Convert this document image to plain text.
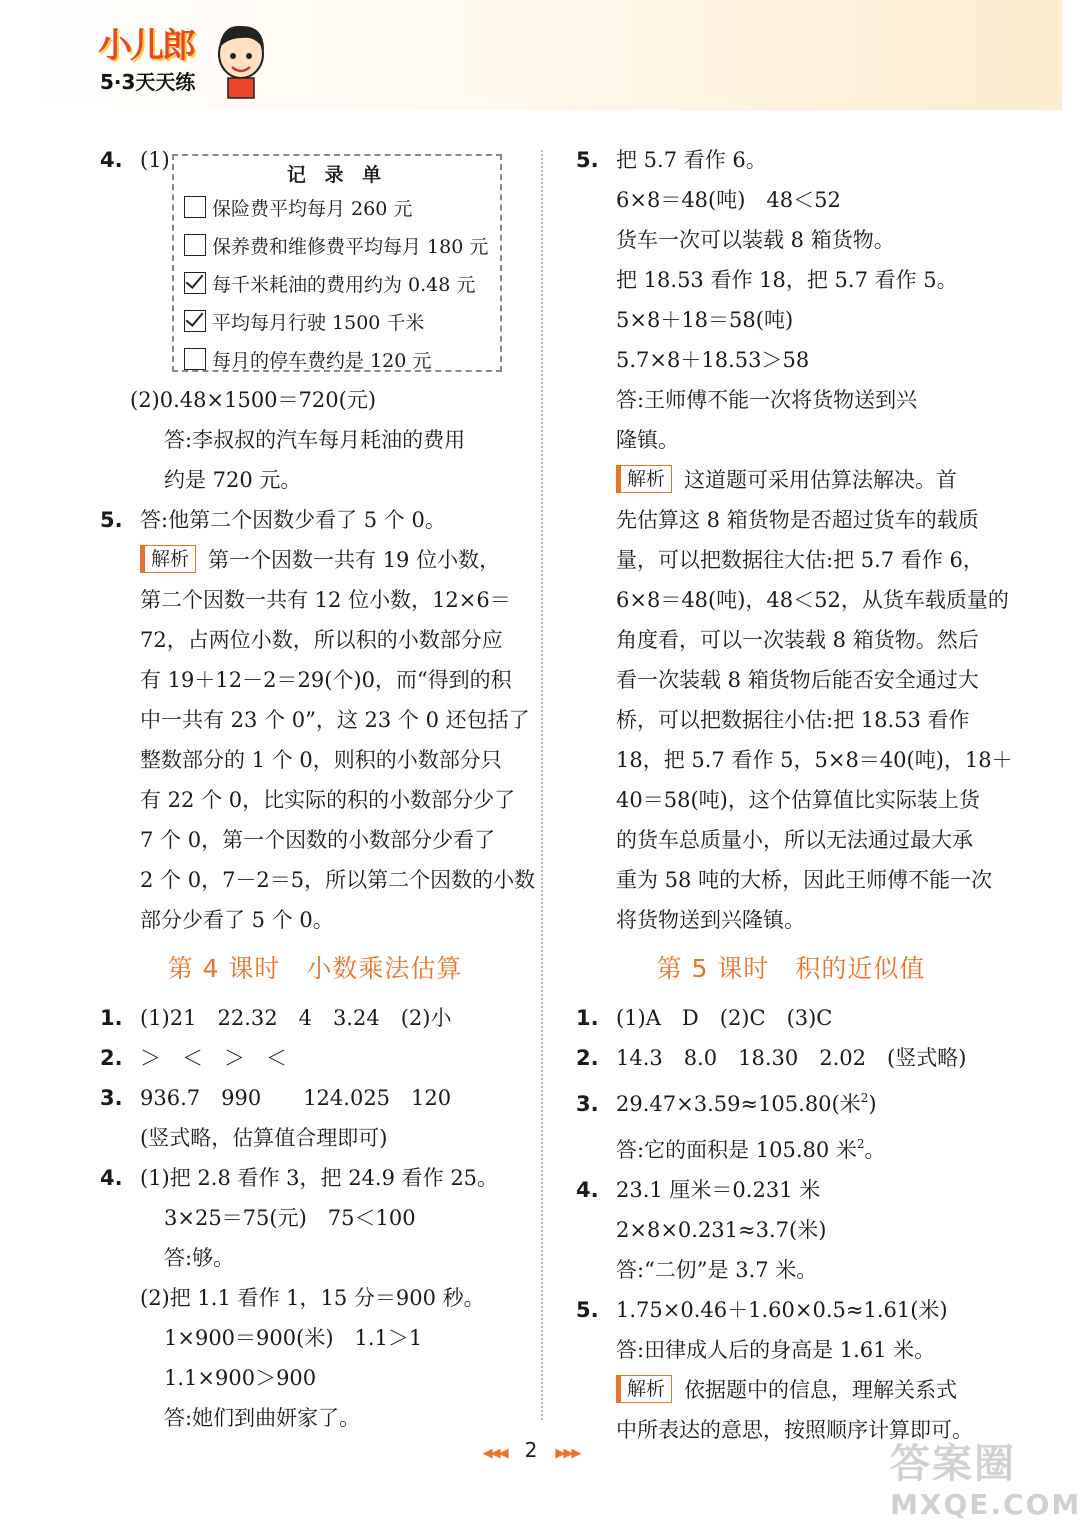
小儿郎
5·3天天练
4. (1)
记 录 单
保险费平均每月 260 元
保养费和维修费平均每月 180 元
每千米耗油的费用约为 0.48 元
平均每月行驶 1500 千米
每月的停车费约是 120 元
(2)0.48×1500＝720(元)
答:李叔叔的汽车每月耗油的费用
约是 720 元。
5. 答:他第二个因数少看了 5 个 0。
解析 第一个因数一共有 19 位小数，
第二个因数一共有 12 位小数，12×6＝
72，占两位小数，所以积的小数部分应
有 19＋12－2＝29(个)0，而“得到的积
中一共有 23 个 0”，这 23 个 0 还包括了
整数部分的 1 个 0，则积的小数部分只
有 22 个 0，比实际的积的小数部分少了
7 个 0，第一个因数的小数部分少看了
2 个 0，7－2＝5，所以第二个因数的小数
部分少看了 5 个 0。
第 4 课时　小数乘法估算
1. (1)21　22.32　4　3.24　(2)小
2. ＞　＜　＞　＜
3. 936.7　990　　124.025　120
(竖式略，估算值合理即可)
4. (1)把 2.8 看作 3，把 24.9 看作 25。
3×25＝75(元)　75＜100
答:够。
(2)把 1.1 看作 1，15 分＝900 秒。
1×900＝900(米)　1.1＞1
1.1×900＞900
答:她们到曲妍家了。
5. 把 5.7 看作 6。
6×8＝48(吨)　48＜52
货车一次可以装载 8 箱货物。
把 18.53 看作 18，把 5.7 看作 5。
5×8＋18＝58(吨)
5.7×8＋18.53＞58
答:王师傅不能一次将货物送到兴
隆镇。
解析 这道题可采用估算法解决。首
先估算这 8 箱货物是否超过货车的载质
量，可以把数据往大估:把 5.7 看作 6，
6×8＝48(吨)，48＜52，从货车载质量的
角度看，可以一次装载 8 箱货物。然后
看一次装载 8 箱货物后能否安全通过大
桥，可以把数据往小估:把 18.53 看作
18，把 5.7 看作 5，5×8＝40(吨)，18＋
40＝58(吨)，这个估算值比实际装上货
的货车总质量小，所以无法通过最大承
重为 58 吨的大桥，因此王师傅不能一次
将货物送到兴隆镇。
第 5 课时　积的近似值
1. (1)A　D　(2)C　(3)C
2. 14.3　8.0　18.30　2.02　(竖式略)
3. 29.47×3.59≈105.80(米$^2$)
答:它的面积是 105.80 米$^2$。
4. 23.1 厘米＝0.231 米
2×8×0.231≈3.7(米)
答:“二仞”是 3.7 米。
5. 1.75×0.46＋1.60×0.5≈1.61(米)
答:田律成人后的身高是 1.61 米。
解析 依据题中的信息，理解关系式
中所表达的意思，按照顺序计算即可。
◀◀◀ 2 ▶▶▶	答案圈
MXQE.COM
